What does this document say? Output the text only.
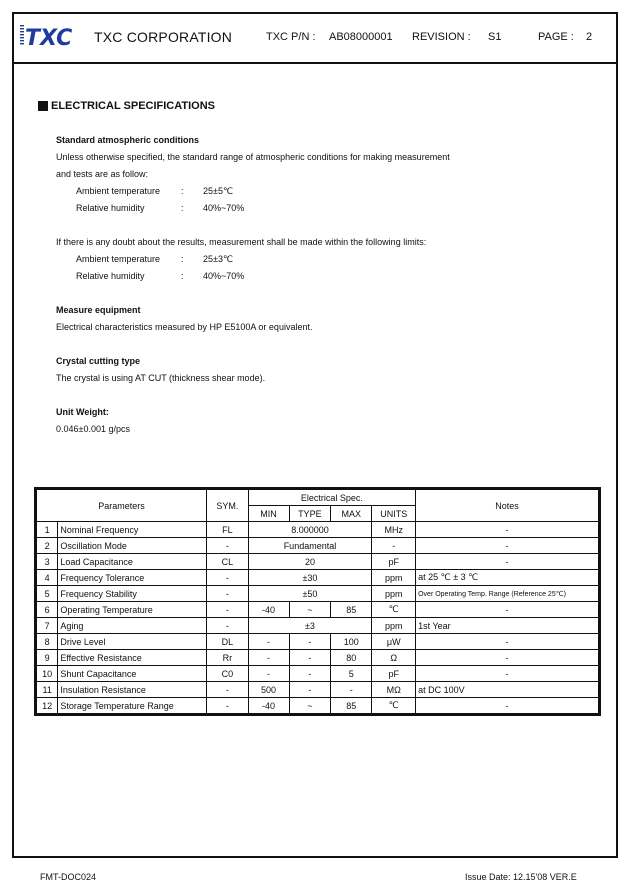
TXC TXC CORPORATION	TXC P/N : AB08000001 REVISION : S1	PAGE : 2
ELECTRICAL SPECIFICATIONS
Standard atmospheric conditions
Unless otherwise specified, the standard range of atmospheric conditions for making measurement
and tests are as follow:
Ambient temperature : 25±5℃
Relative humidity	: 40%~70%
If there is any doubt about the results, measurement shall be made within the following limits:
Ambient temperature : 25±3℃
Relative humidity	: 40%~70%
Measure equipment
Electrical characteristics measured by HP E5100A or equivalent.
Crystal cutting type
The crystal is using AT CUT (thickness shear mode).
Unit Weight:
0.046±0.001 g/pcs
Parameters		SYM.	Electrical Spec.				Notes
			MIN	TYPE	MAX	UNITS	
1	Nominal Frequency	FL	8.000000			MHz	-
2	Oscillation Mode	-	Fundamental			-	-
3	Load Capacitance	CL	20			pF	-
4	Frequency Tolerance	-	±30			ppm	at 25 ℃ ± 3 ℃
5	Frequency Stability	-	±50			ppm	Over Operating Temp. Range (Reference 25℃)
6	Operating Temperature	-	-40	~	85	℃	-
7	Aging	-	±3			ppm	1st Year
8	Drive Level	DL	-	-	100	μW	-
9	Effective Resistance	Rr	-	-	80	Ω	-
10	Shunt Capacitance	C0	-	-	5	pF	-
11	Insulation Resistance	-	500	-	-	MΩ	at DC 100V
12	Storage Temperature Range	-	-40	~	85	℃	-
FMT-DOC024	Issue Date: 12.15'08 VER.E
